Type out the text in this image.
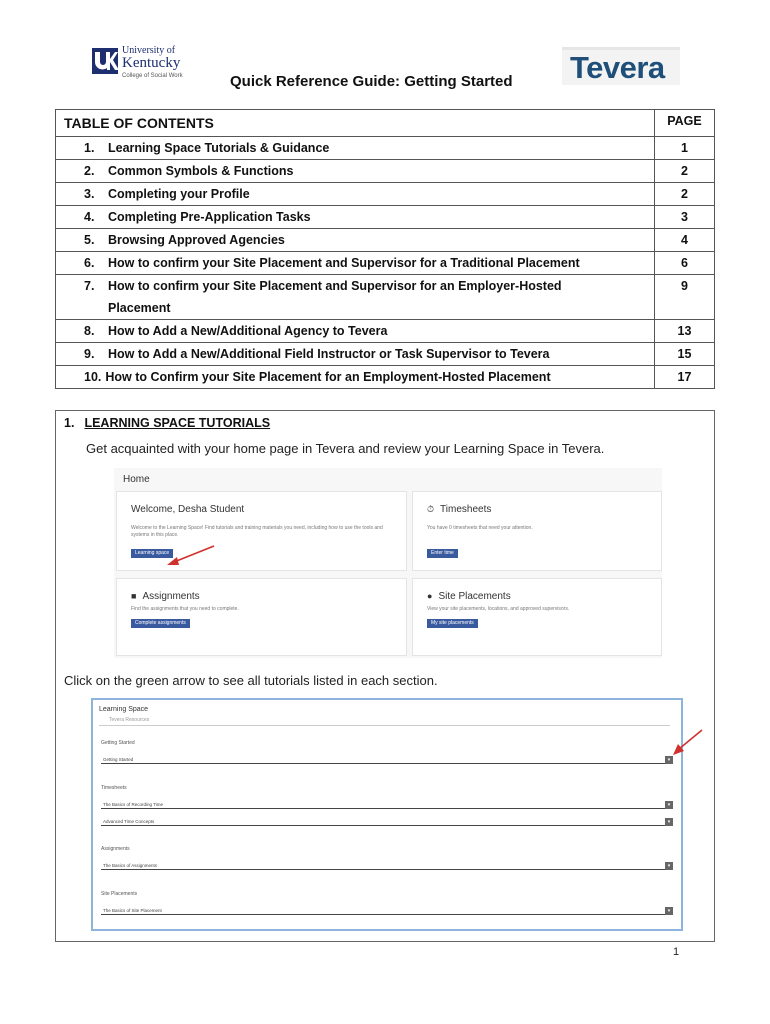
University of
Kentucky
College of Social Work	Quick Reference Guide: Getting Started Tevera
TABLE OF CONTENTS	PAGE
1. Learning Space Tutorials & Guidance	1
2. Common Symbols & Functions	2
3. Completing your Profile	2
4. Completing Pre-Application Tasks	3
5. Browsing Approved Agencies	4
6. How to confirm your Site Placement and Supervisor for a Traditional Placement	6
7. How to confirm your Site Placement and Supervisor for an Employer-Hosted
Placement	9
8. How to Add a New/Additional Agency to Tevera	13
9. How to Add a New/Additional Field Instructor or Task Supervisor to Tevera	15
10. How to Confirm your Site Placement for an Employment-Hosted Placement	17
1. LEARNING SPACE TUTORIALS
Get acquainted with your home page in Tevera and review your Learning Space in Tevera.
Home
Welcome, Desha Student
Welcome to the Learning Space! Find tutorials and training materials you need, including how to use the tools and systems in this place.
Learning space
⏱ Timesheets
You have 0 timesheets that need your attention.
Enter time
■ Assignments
Find the assignments that you need to complete.
Complete assignments
● Site Placements
View your site placements, locations, and approved supervisors.
My site placements
Click on the green arrow to see all tutorials listed in each section.
Learning Space
Tevera Resources
Getting Started
Getting Started	▾
Timesheets
The Basics of Recording Time	▾
Advanced Time Concepts	▾
Assignments
The Basics of Assignments	▾
Site Placements
The Basics of Site Placement	▾
1
